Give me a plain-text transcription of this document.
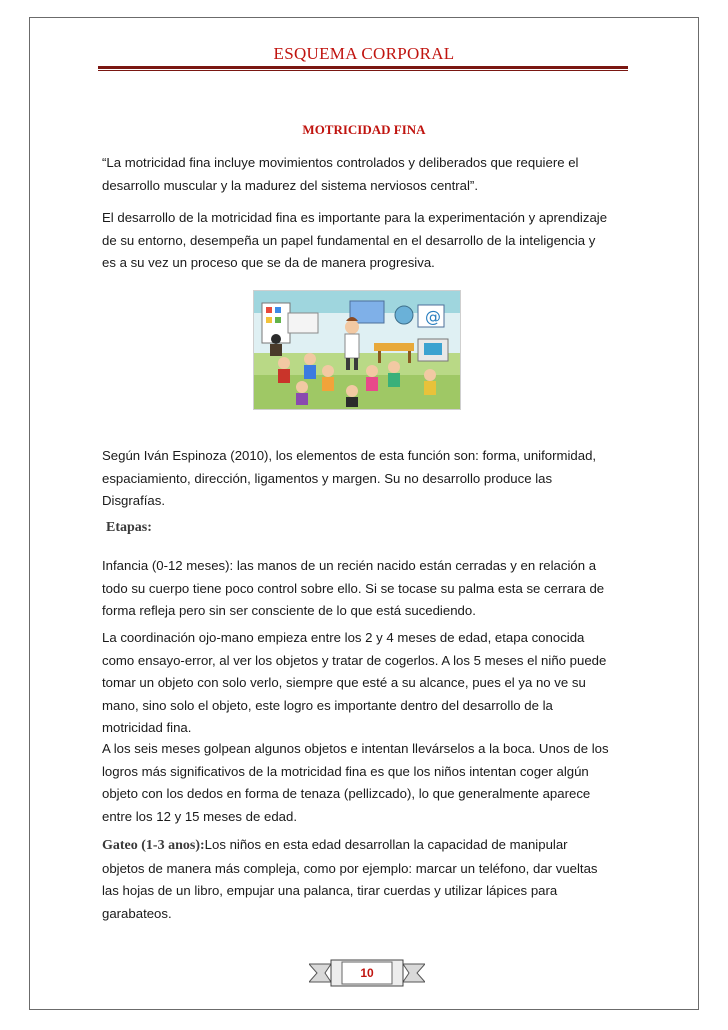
ESQUEMA CORPORAL
MOTRICIDAD FINA

“La motricidad fina incluye movimientos controlados y deliberados que requiere el
desarrollo muscular y la madurez del sistema nerviosos central”.

El desarrollo de la motricidad fina es importante para la experimentación y aprendizaje
de su entorno, desempeña un papel fundamental en el desarrollo de la inteligencia y
es a su vez un proceso que se da de manera progresiva.

@

Según Iván Espinoza (2010), los elementos de esta función son: forma, uniformidad,
espaciamiento, dirección, ligamentos y margen. Su no desarrollo produce las
Disgrafías.

Etapas:

Infancia (0-12 meses): las manos de un recién nacido están cerradas y en relación a
todo su cuerpo tiene poco control sobre ello. Si se tocase su palma esta se cerrara de
forma refleja pero sin ser consciente de lo que está sucediendo.

La coordinación ojo-mano empieza entre los 2 y 4 meses de edad, etapa conocida
como ensayo-error, al ver los objetos y tratar de cogerlos. A los 5 meses el niño puede
tomar un objeto con solo verlo, siempre que esté a su alcance, pues el ya no ve su
mano, sino solo el objeto, este logro es importante dentro del desarrollo de la
motricidad fina.

A los seis meses golpean algunos objetos e intentan llevárselos a la boca. Unos de los
logros más significativos de la motricidad fina es que los niños intentan coger algún
objeto con los dedos en forma de tenaza (pellizcado), lo que generalmente aparece
entre los 12 y 15 meses de edad.

Gateo (1-3 anos):Los niños en esta edad desarrollan la capacidad de manipular
objetos de manera más compleja, como por ejemplo: marcar un teléfono, dar vueltas
las hojas de un libro, empujar una palanca, tirar cuerdas y utilizar lápices para
garabateos.

10
